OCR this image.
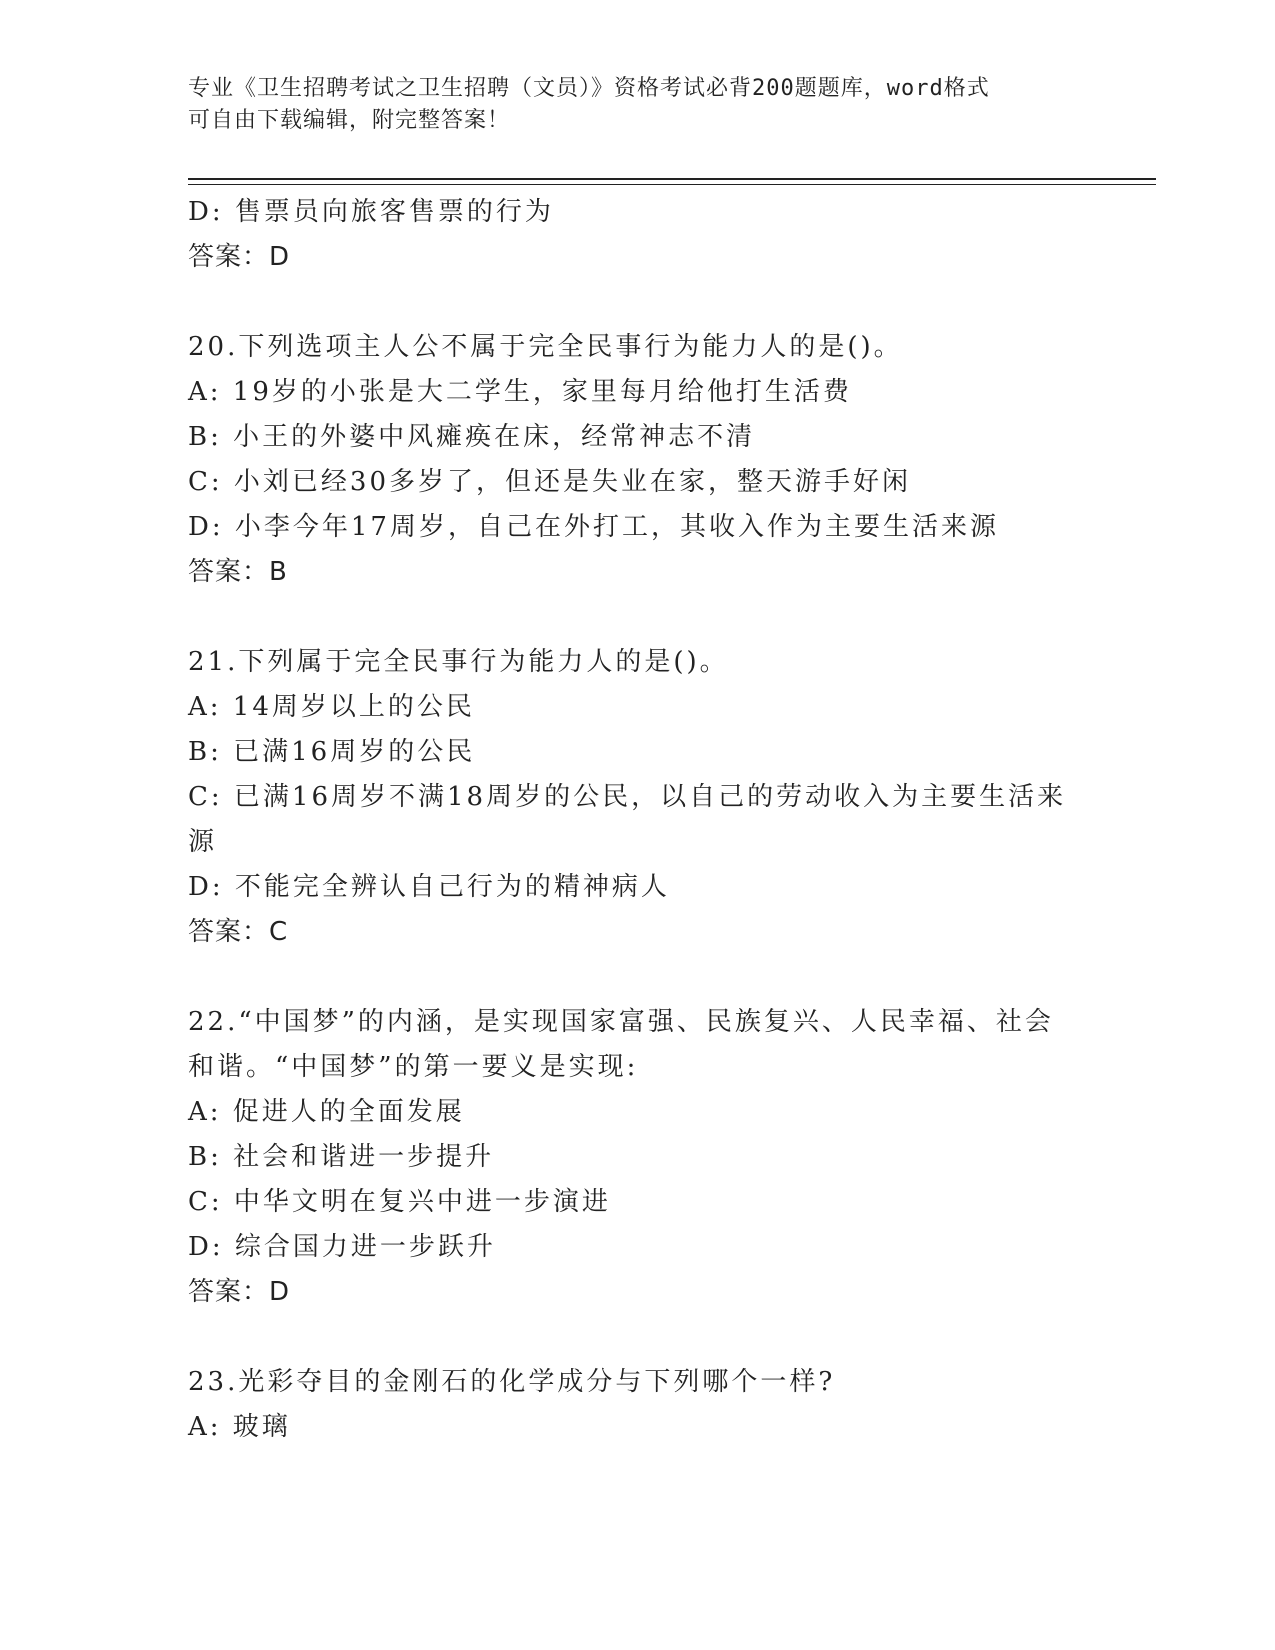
专业《卫生招聘考试之卫生招聘（文员）》资格考试必背200题题库，word格式
可自由下载编辑，附完整答案！
D: 售票员向旅客售票的行为
答案：D
20.下列选项主人公不属于完全民事行为能力人的是()。
A: 19岁的小张是大二学生，家里每月给他打生活费
B: 小王的外婆中风瘫痪在床，经常神志不清
C: 小刘已经30多岁了，但还是失业在家，整天游手好闲
D: 小李今年17周岁，自己在外打工，其收入作为主要生活来源
答案：B
21.下列属于完全民事行为能力人的是()。
A: 14周岁以上的公民
B: 已满16周岁的公民
C: 已满16周岁不满18周岁的公民，以自己的劳动收入为主要生活来源
D: 不能完全辨认自己行为的精神病人
答案：C
22.“中国梦”的内涵，是实现国家富强、民族复兴、人民幸福、社会和谐。“中国梦”的第一要义是实现:
A: 促进人的全面发展
B: 社会和谐进一步提升
C: 中华文明在复兴中进一步演进
D: 综合国力进一步跃升
答案：D
23.光彩夺目的金刚石的化学成分与下列哪个一样?
A: 玻璃
